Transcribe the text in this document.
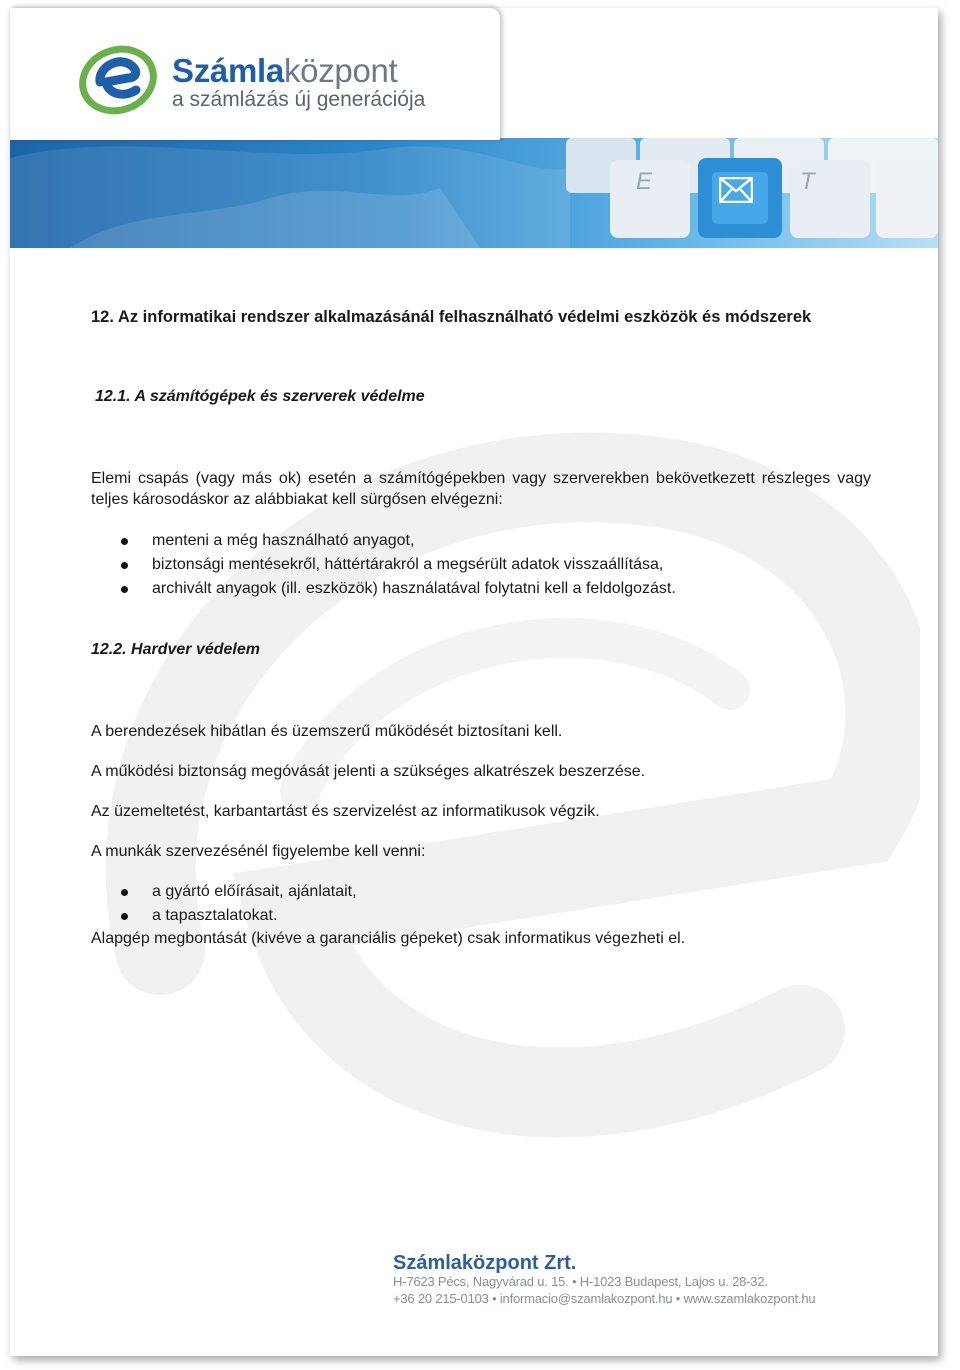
E	T
Számlaközpont
a számlázás új generációja
12. Az informatikai rendszer alkalmazásánál felhasználható védelmi eszközök és módszerek
12.1. A számítógépek és szerverek védelme
Elemi csapás (vagy más ok) esetén a számítógépekben vagy szerverekben bekövetkezett részleges vagy teljes károsodáskor az alábbiakat kell sürgősen elvégezni:
menteni a még használható anyagot,
biztonsági mentésekről, háttértárakról a megsérült adatok visszaállítása,
archivált anyagok (ill. eszközök) használatával folytatni kell a feldolgozást.
12.2. Hardver védelem
A berendezések hibátlan és üzemszerű működését biztosítani kell.
A működési biztonság megóvását jelenti a szükséges alkatrészek beszerzése.
Az üzemeltetést, karbantartást és szervizelést az informatikusok végzik.
A munkák szervezésénél figyelembe kell venni:
a gyártó előírásait, ajánlatait,
a tapasztalatokat.
Alapgép megbontását (kivéve a garanciális gépeket) csak informatikus végezheti el.
Számlaközpont Zrt.
H-7623 Pécs, Nagyvárad u. 15. • H-1023 Budapest, Lajos u. 28-32.
+36 20 215-0103 • informacio@szamlakozpont.hu • www.szamlakozpont.hu
